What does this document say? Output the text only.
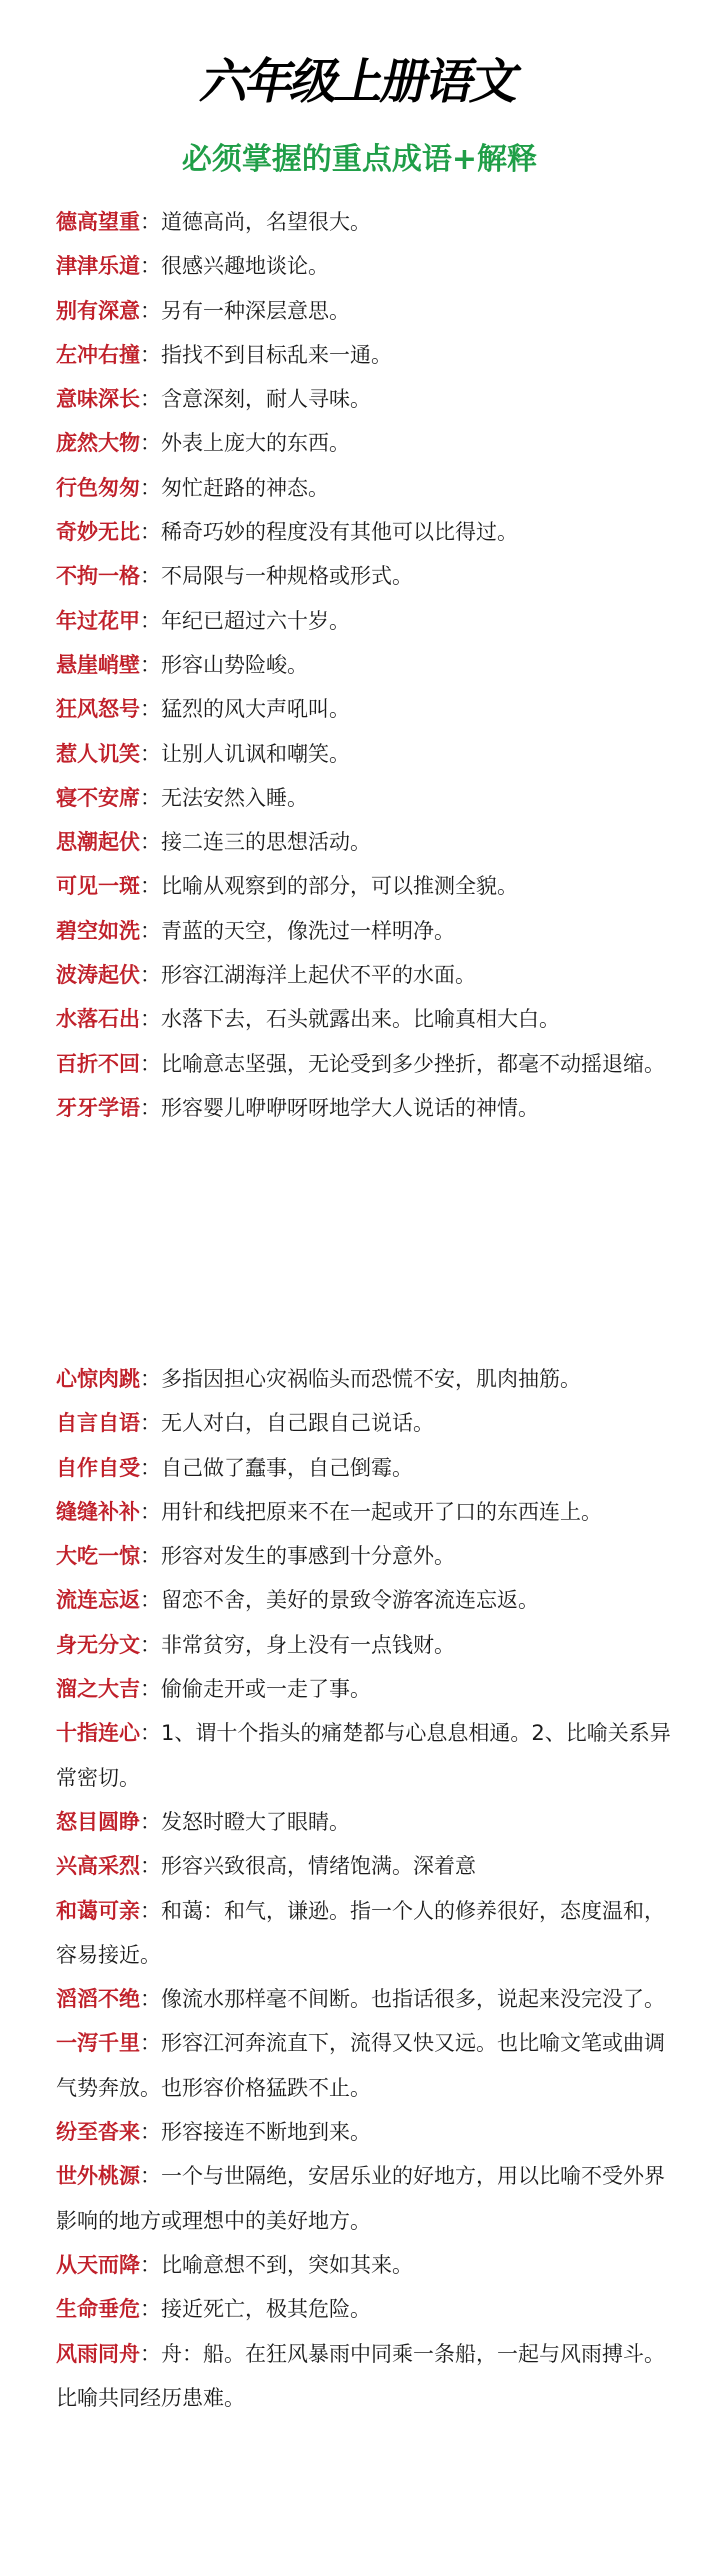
六年级上册语文
必须掌握的重点成语+解释
德高望重：道德高尚，名望很大。
津津乐道：很感兴趣地谈论。
别有深意：另有一种深层意思。
左冲右撞：指找不到目标乱来一通。
意味深长：含意深刻，耐人寻味。
庞然大物：外表上庞大的东西。
行色匆匆：匆忙赶路的神态。
奇妙无比：稀奇巧妙的程度没有其他可以比得过。
不拘一格：不局限与一种规格或形式。
年过花甲：年纪已超过六十岁。
悬崖峭壁：形容山势险峻。
狂风怒号：猛烈的风大声吼叫。
惹人讥笑：让别人讥讽和嘲笑。
寝不安席：无法安然入睡。
思潮起伏：接二连三的思想活动。
可见一斑：比喻从观察到的部分，可以推测全貌。
碧空如洗：青蓝的天空，像洗过一样明净。
波涛起伏：形容江湖海洋上起伏不平的水面。
水落石出：水落下去，石头就露出来。比喻真相大白。
百折不回：比喻意志坚强，无论受到多少挫折，都毫不动摇退缩。
牙牙学语：形容婴儿咿咿呀呀地学大人说话的神情。
心惊肉跳：多指因担心灾祸临头而恐慌不安，肌肉抽筋。
自言自语：无人对白，自己跟自己说话。
自作自受：自己做了蠢事，自己倒霉。
缝缝补补：用针和线把原来不在一起或开了口的东西连上。
大吃一惊：形容对发生的事感到十分意外。
流连忘返：留恋不舍，美好的景致令游客流连忘返。
身无分文：非常贫穷，身上没有一点钱财。
溜之大吉：偷偷走开或一走了事。
十指连心：1、谓十个指头的痛楚都与心息息相通。2、比喻关系异常密切。
怒目圆睁：发怒时瞪大了眼睛。
兴高采烈：形容兴致很高，情绪饱满。深着意
和蔼可亲：和蔼：和气，谦逊。指一个人的修养很好，态度温和，容易接近。
滔滔不绝：像流水那样毫不间断。也指话很多，说起来没完没了。
一泻千里：形容江河奔流直下，流得又快又远。也比喻文笔或曲调气势奔放。也形容价格猛跌不止。
纷至沓来：形容接连不断地到来。
世外桃源：一个与世隔绝，安居乐业的好地方，用以比喻不受外界影响的地方或理想中的美好地方。
从天而降：比喻意想不到，突如其来。
生命垂危：接近死亡，极其危险。
风雨同舟：舟：船。在狂风暴雨中同乘一条船，一起与风雨搏斗。比喻共同经历患难。
